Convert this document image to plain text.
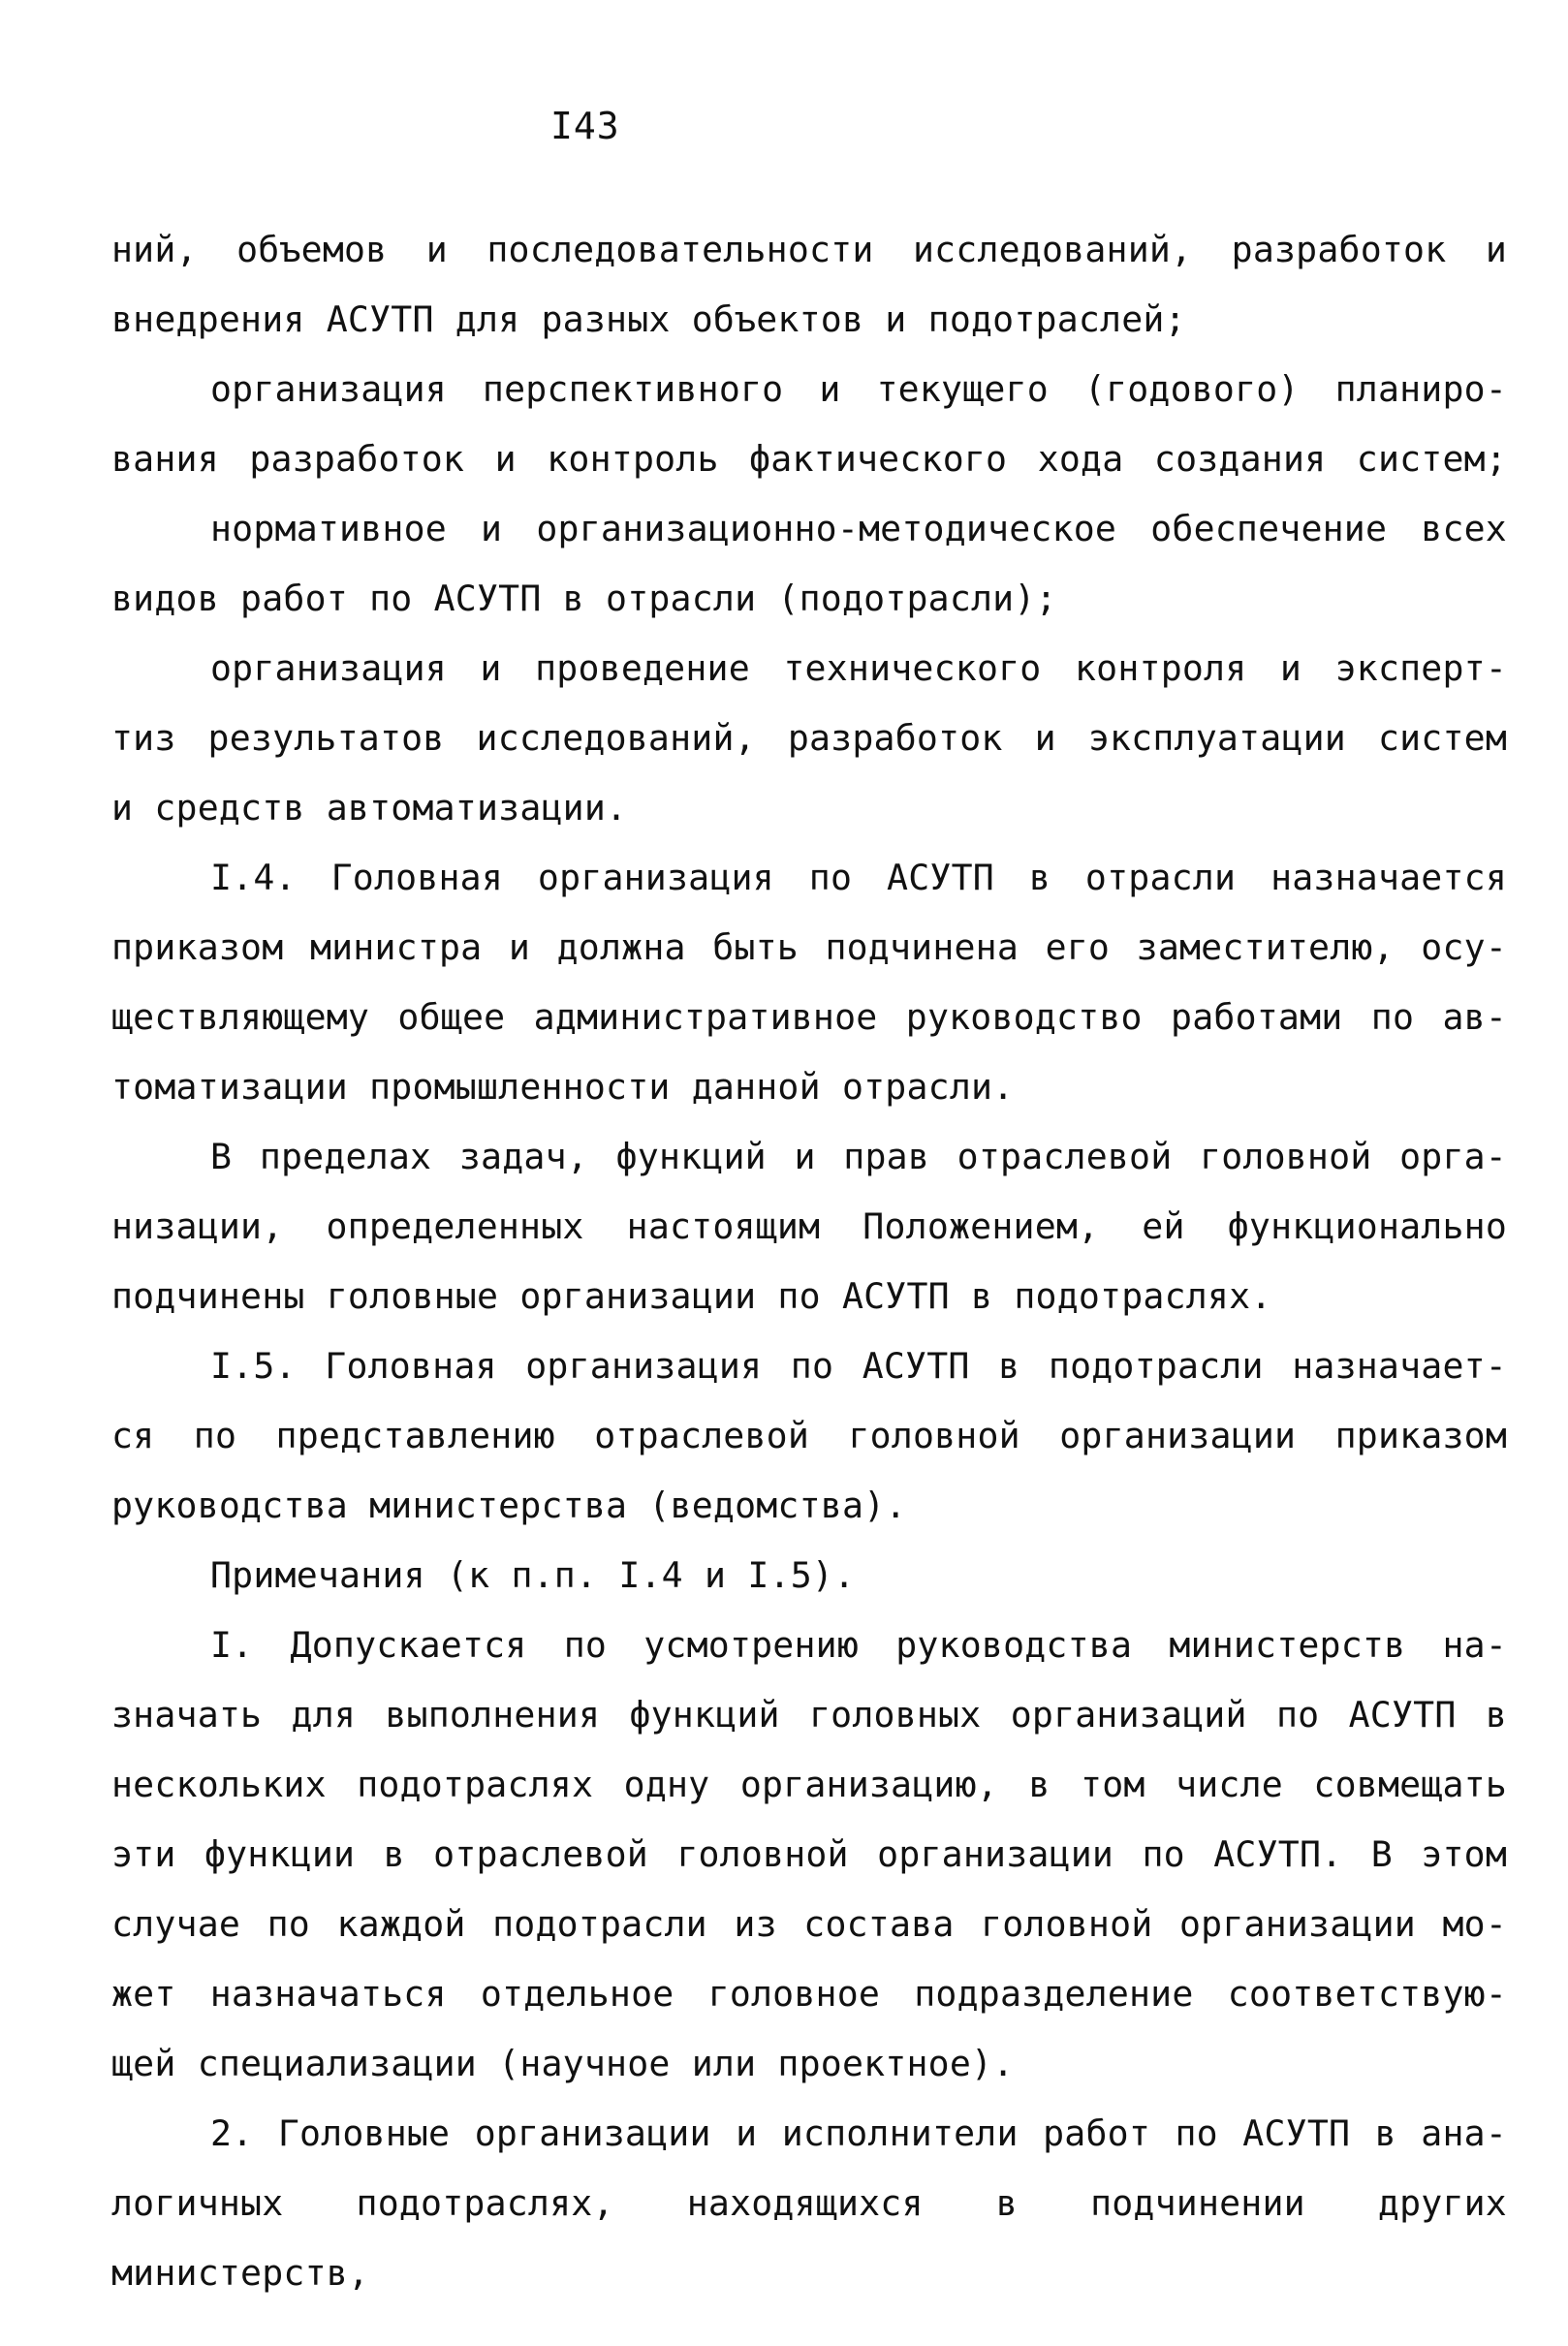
I43
ний, объемов и последовательности исследований, разработок и
внедрения АСУТП для разных объектов и подотраслей;
организация перспективного и текущего (годового) планиро-
вания разработок и контроль фактического хода создания систем;
нормативное и организационно-методическое обеспечение всех
видов работ по АСУТП в отрасли (подотрасли);
организация и проведение технического контроля и эксперт-
тиз результатов исследований, разработок и эксплуатации систем
и средств автоматизации.
I.4. Головная организация по АСУТП в отрасли назначается
приказом министра и должна быть подчинена его заместителю, осу-
ществляющему общее административное руководство работами по ав-
томатизации промышленности данной отрасли.
В пределах задач, функций и прав отраслевой головной орга-
низации, определенных настоящим Положением, ей функционально
подчинены головные организации по АСУТП в подотраслях.
I.5. Головная организация по АСУТП в подотрасли назначает-
ся по представлению отраслевой головной организации приказом
руководства министерства (ведомства).
Примечания (к п.п. I.4 и I.5).
I. Допускается по усмотрению руководства министерств на-
значать для выполнения функций головных организаций по АСУТП в
нескольких подотраслях одну организацию, в том числе совмещать
эти функции в отраслевой головной организации по АСУТП. В этом
случае по каждой подотрасли из состава головной организации мо-
жет назначаться отдельное головное подразделение соответствую-
щей специализации (научное или проектное).
2. Головные организации и исполнители работ по АСУТП в ана-
логичных подотраслях, находящихся в подчинении других министерств,
